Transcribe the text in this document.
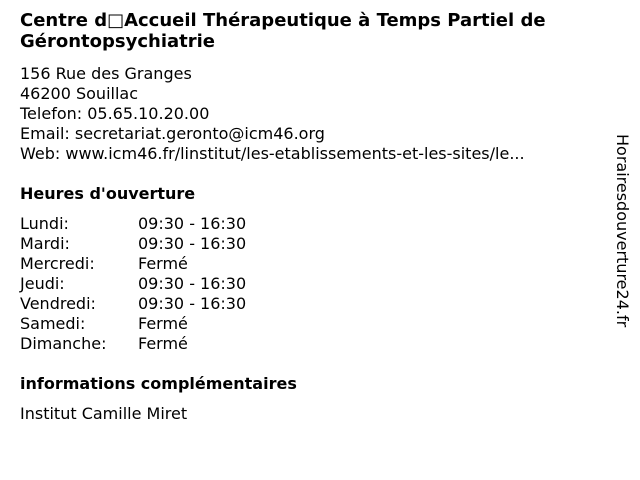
Centre d□Accueil Thérapeutique à Temps Partiel de Gérontopsychiatrie
156 Rue des Granges
46200 Souillac
Telefon: 05.65.10.20.00
Email: secretariat.geronto@icm46.org
Web: www.icm46.fr/linstitut/les-etablissements-et-les-sites/le...
Heures d'ouverture
Lundi:	09:30 - 16:30
Mardi:	09:30 - 16:30
Mercredi:	Fermé
Jeudi:	09:30 - 16:30
Vendredi:	09:30 - 16:30
Samedi:	Fermé
Dimanche:	Fermé
informations complémentaires
Institut Camille Miret
Horairesdouverture24.fr
